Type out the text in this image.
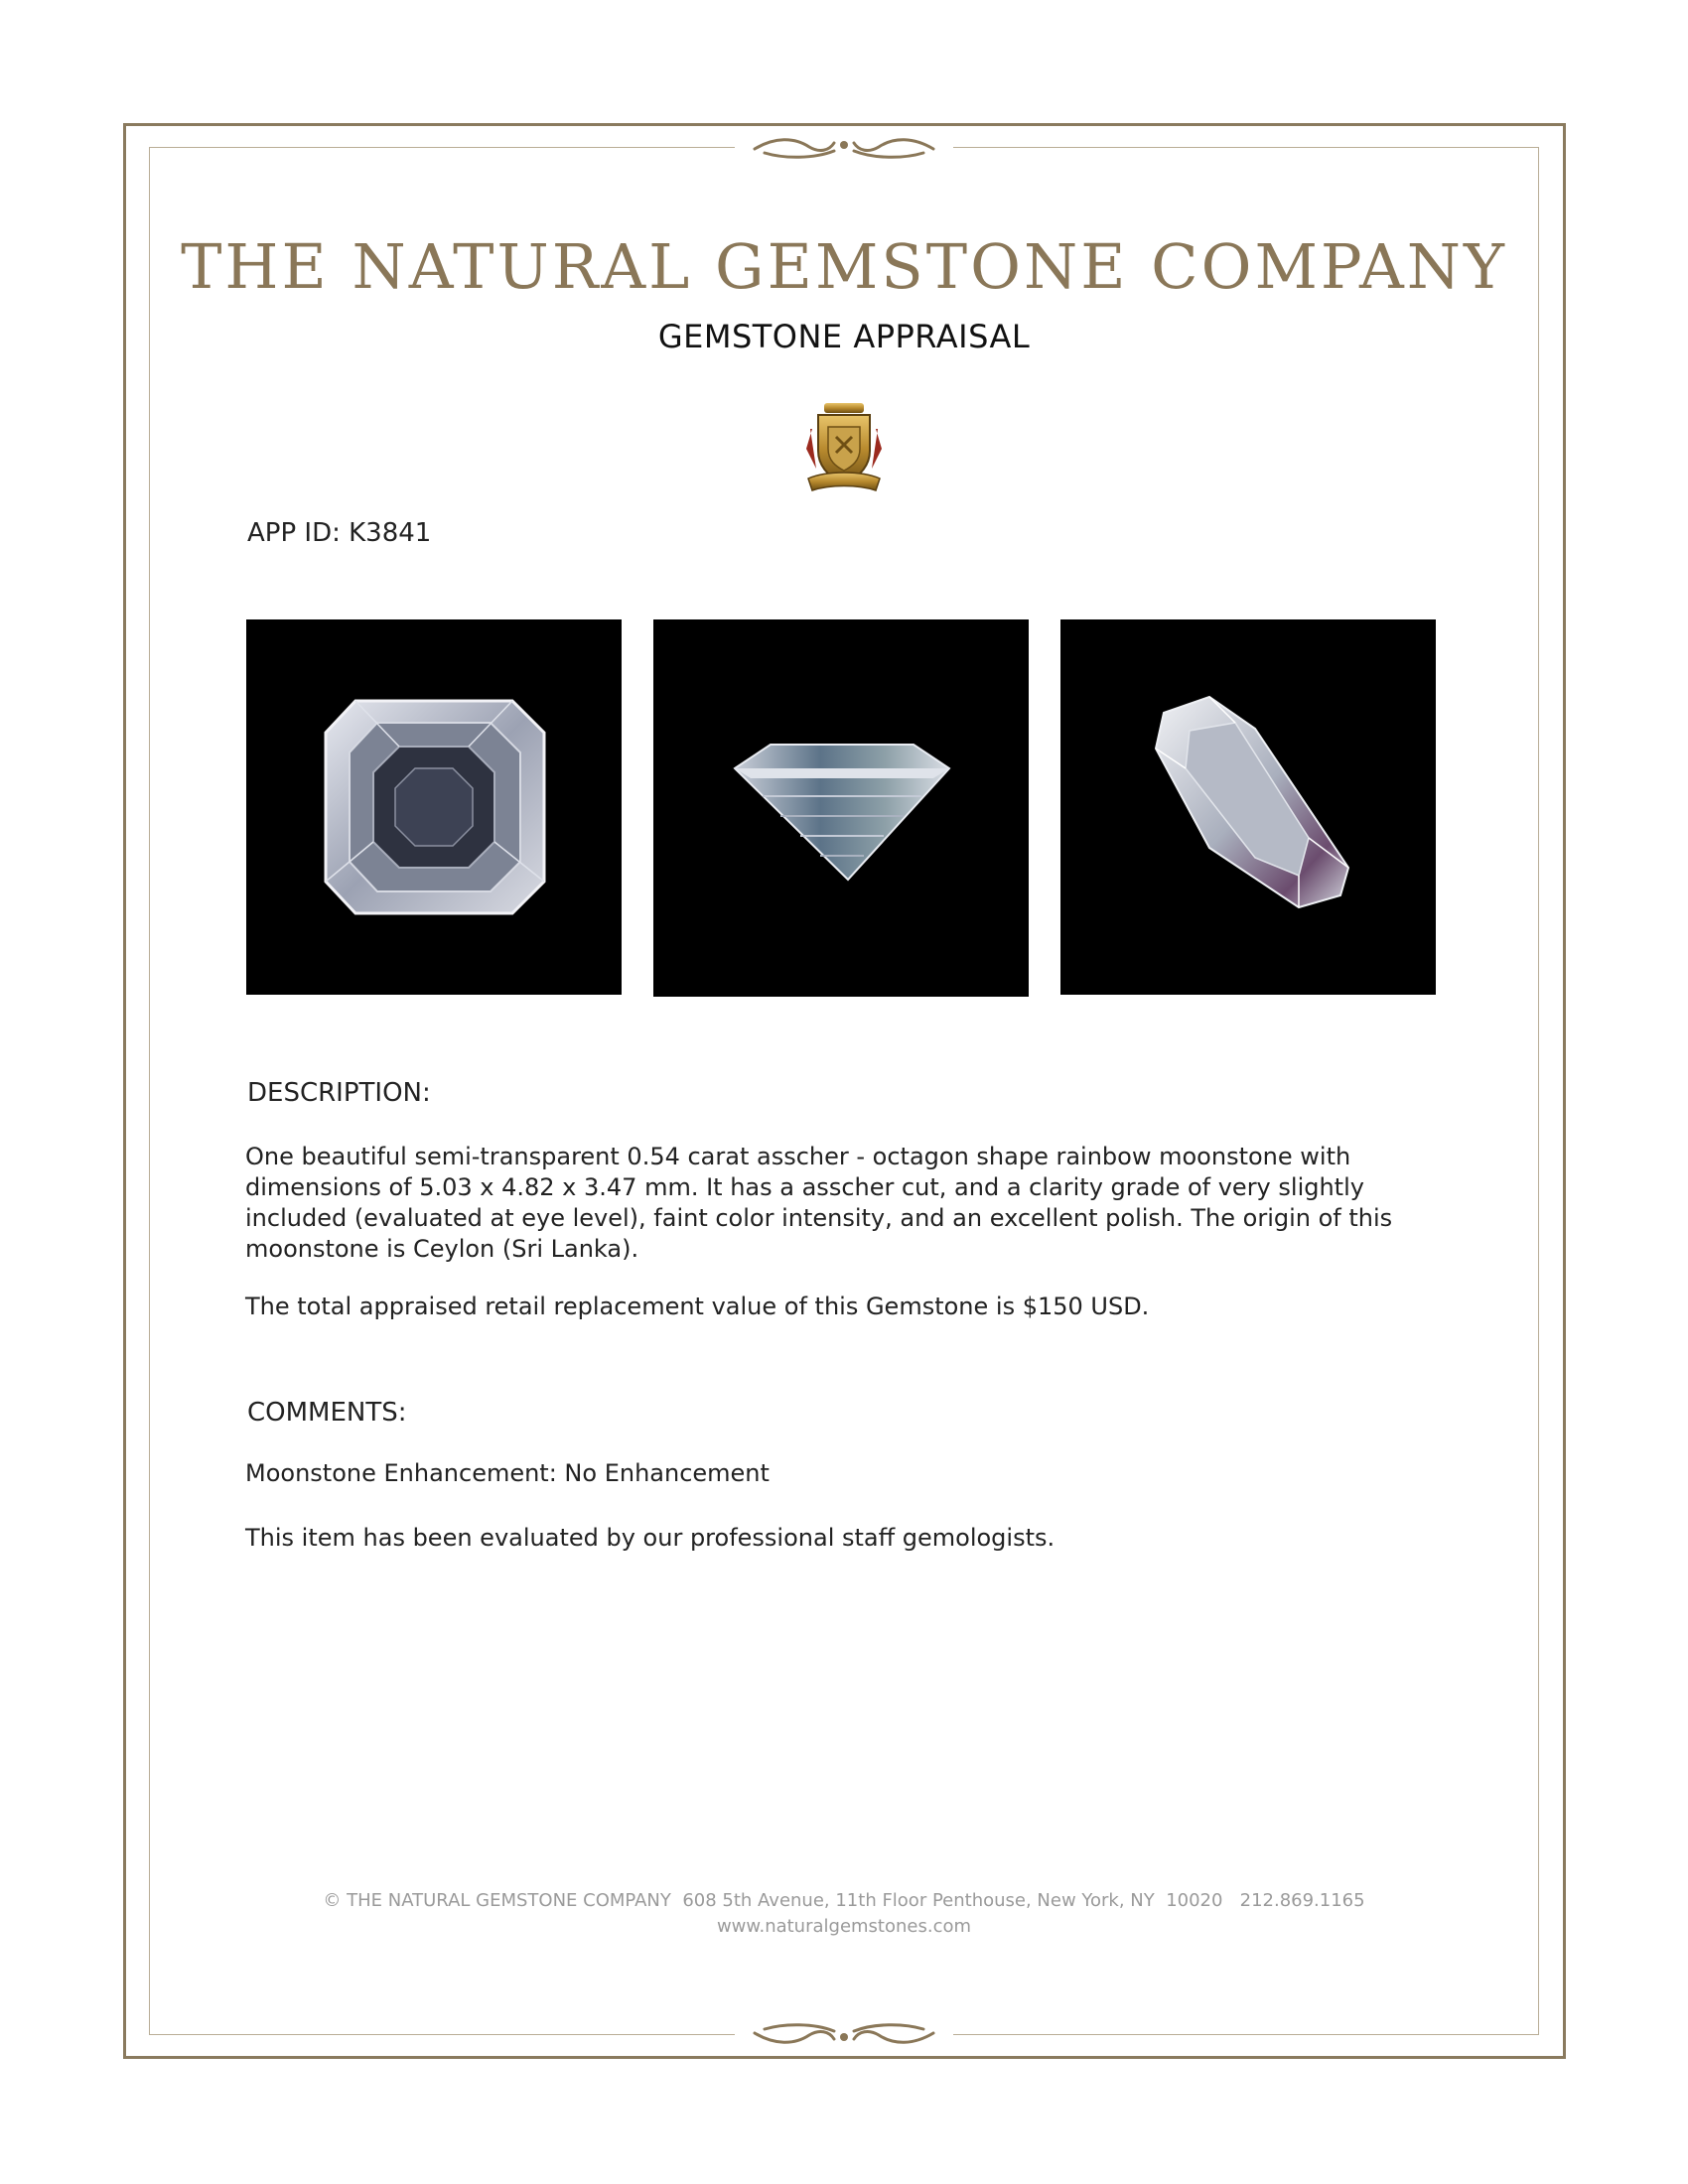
THE NATURAL GEMSTONE COMPANY
GEMSTONE APPRAISAL
APP ID: K3841
DESCRIPTION:

One beautiful semi-transparent 0.54 carat asscher - octagon shape rainbow moonstone with dimensions of 5.03 x 4.82 x 3.47 mm. It has a asscher cut, and a clarity grade of very slightly included (evaluated at eye level), faint color intensity, and an excellent polish. The origin of this moonstone is Ceylon (Sri Lanka).

The total appraised retail replacement value of this Gemstone is $150 USD.

COMMENTS:

Moonstone Enhancement: No Enhancement

This item has been evaluated by our professional staff gemologists.

© THE NATURAL GEMSTONE COMPANY  608 5th Avenue, 11th Floor Penthouse, New York, NY  10020   212.869.1165
www.naturalgemstones.com
